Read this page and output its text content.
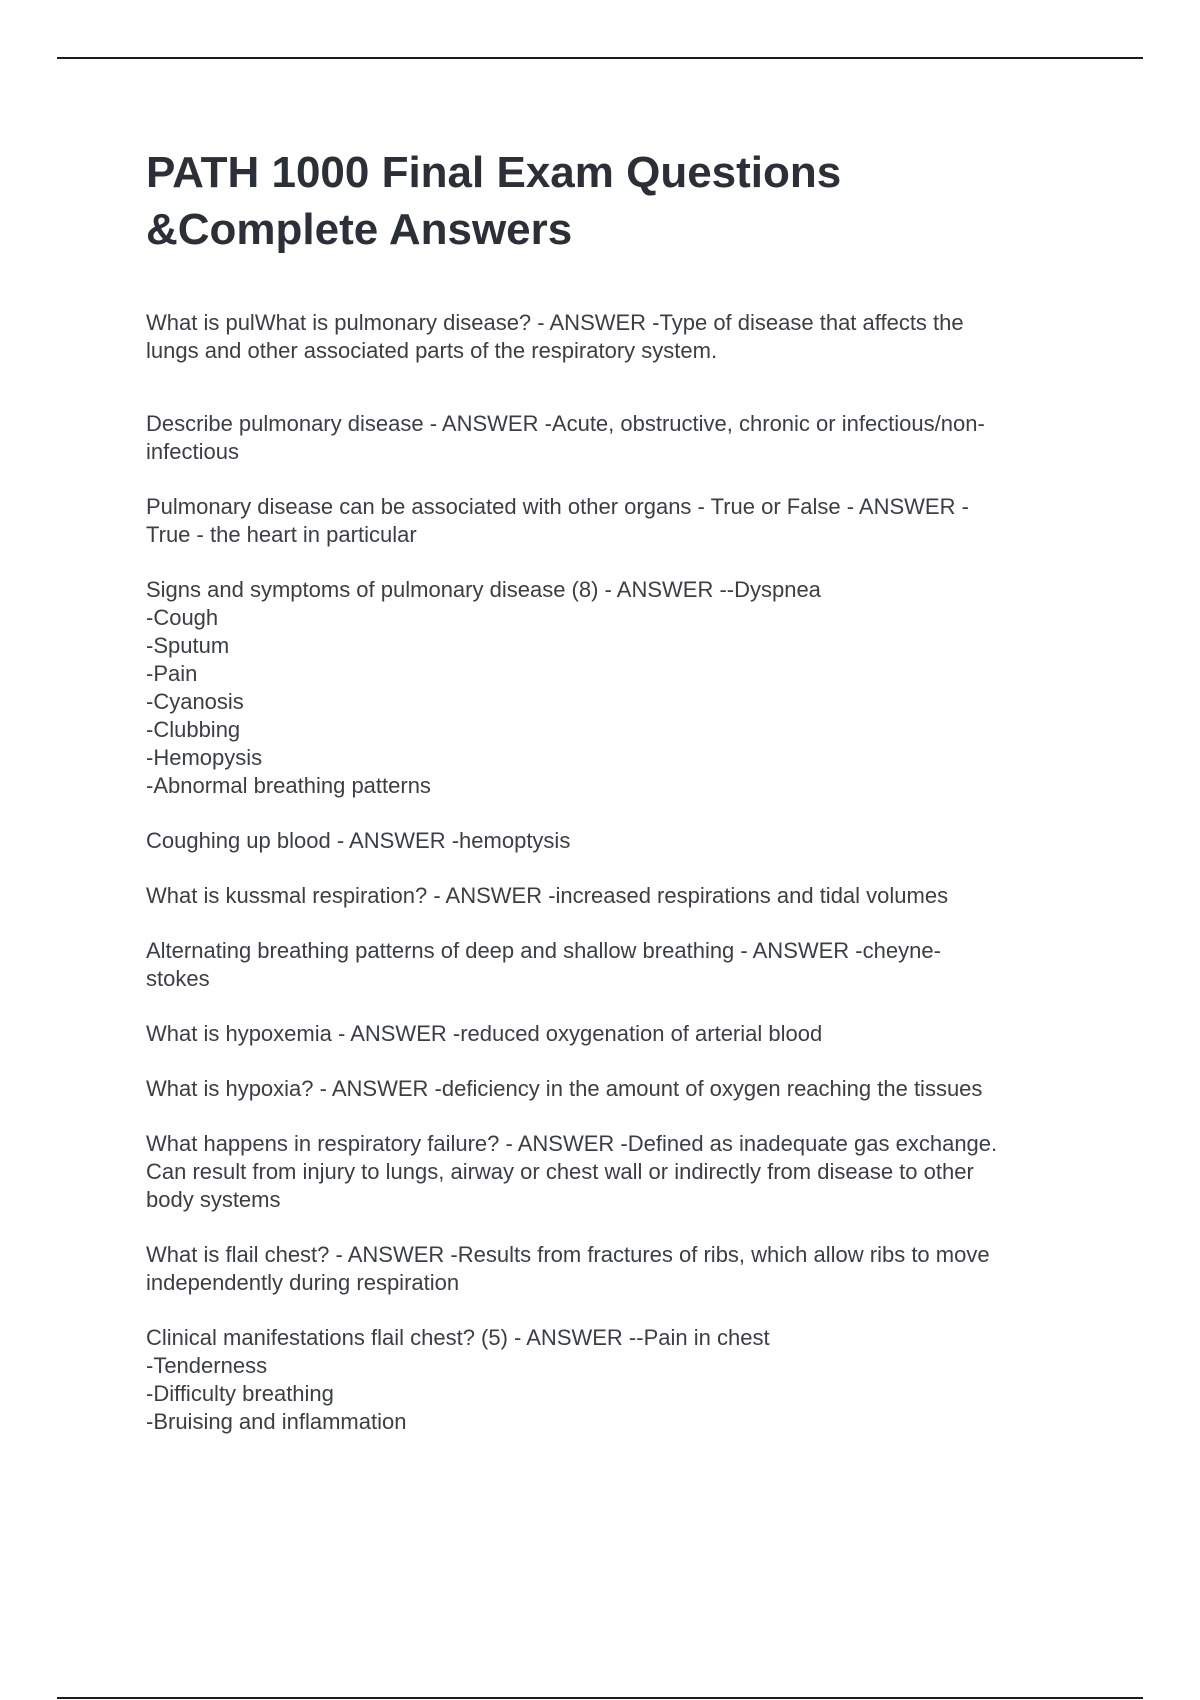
PATH 1000 Final Exam Questions
&Complete Answers
What is pulWhat is pulmonary disease? - ANSWER -Type of disease that affects the
lungs and other associated parts of the respiratory system.
Describe pulmonary disease - ANSWER -Acute, obstructive, chronic or infectious/non-
infectious
Pulmonary disease can be associated with other organs - True or False - ANSWER -
True - the heart in particular
Signs and symptoms of pulmonary disease (8) - ANSWER --Dyspnea
-Cough
-Sputum
-Pain
-Cyanosis
-Clubbing
-Hemopysis
-Abnormal breathing patterns
Coughing up blood - ANSWER -hemoptysis
What is kussmal respiration? - ANSWER -increased respirations and tidal volumes
Alternating breathing patterns of deep and shallow breathing - ANSWER -cheyne-
stokes
What is hypoxemia - ANSWER -reduced oxygenation of arterial blood
What is hypoxia? - ANSWER -deficiency in the amount of oxygen reaching the tissues
What happens in respiratory failure? - ANSWER -Defined as inadequate gas exchange.
Can result from injury to lungs, airway or chest wall or indirectly from disease to other
body systems
What is flail chest? - ANSWER -Results from fractures of ribs, which allow ribs to move
independently during respiration
Clinical manifestations flail chest? (5) - ANSWER --Pain in chest
-Tenderness
-Difficulty breathing
-Bruising and inflammation
